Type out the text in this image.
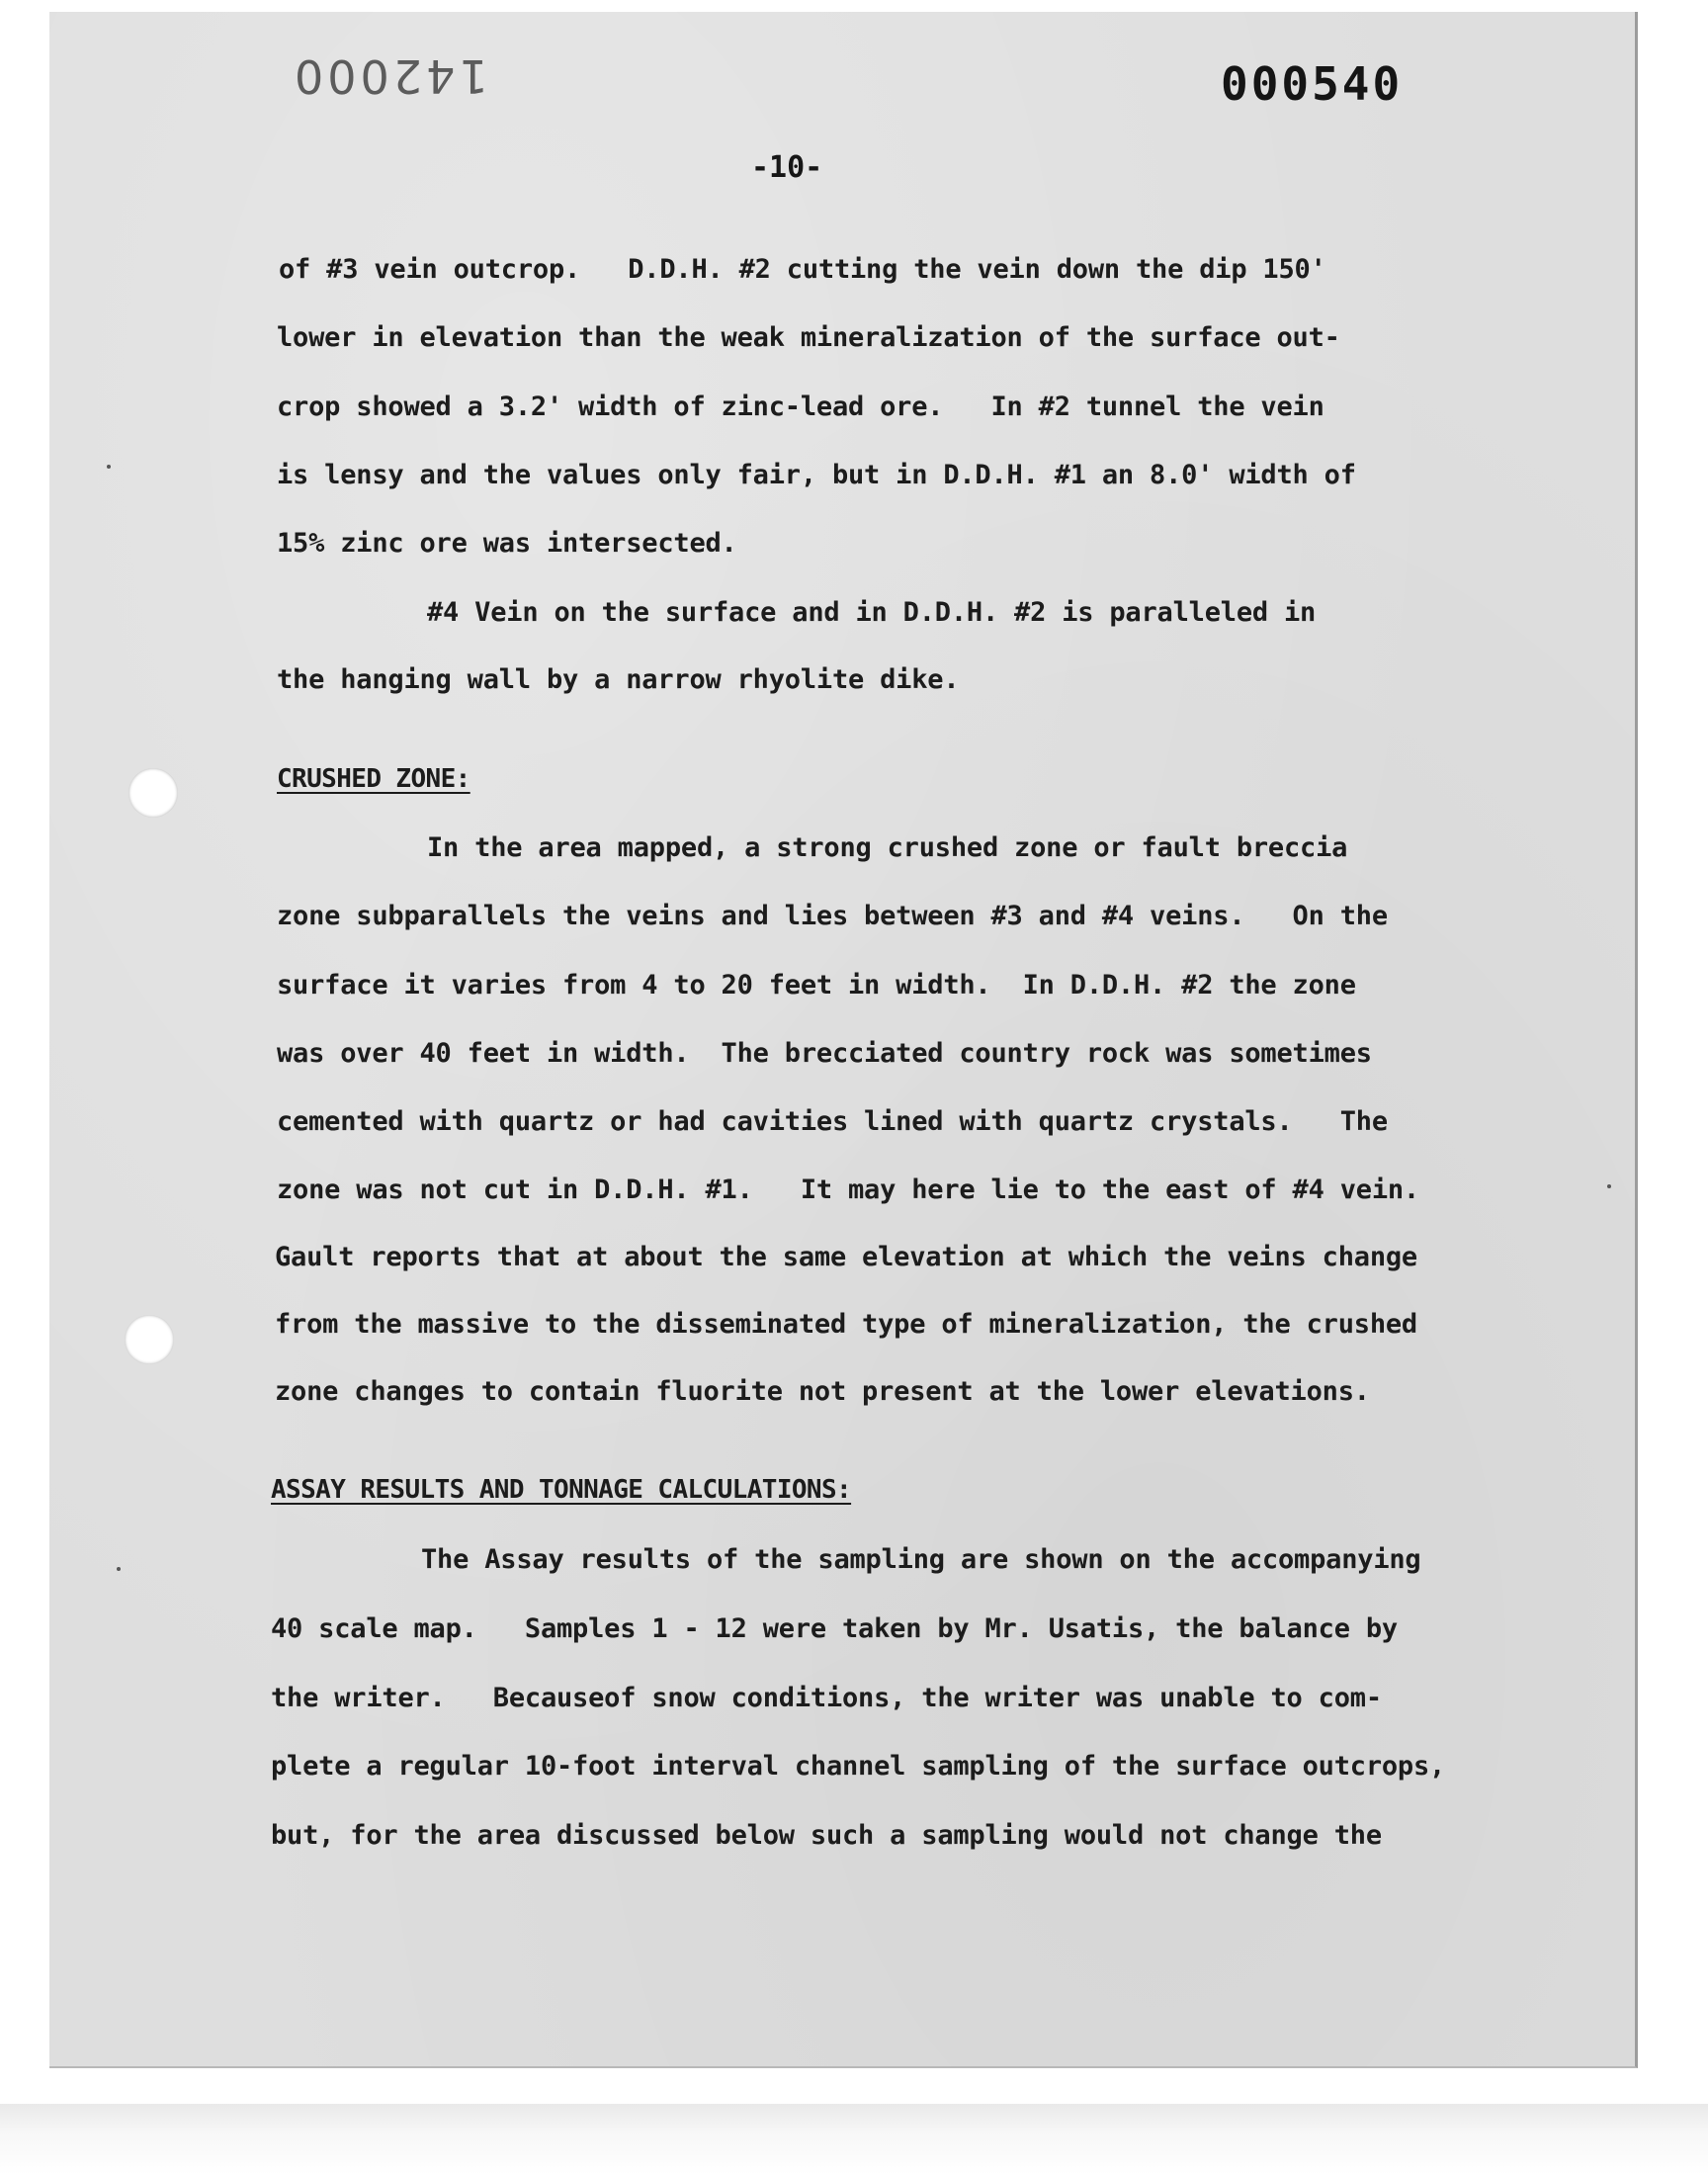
142000	000540
-10-
of #3 vein outcrop.   D.D.H. #2 cutting the vein down the dip 150'
lower in elevation than the weak mineralization of the surface out-
crop showed a 3.2' width of zinc-lead ore.   In #2 tunnel the vein
is lensy and the values only fair, but in D.D.H. #1 an 8.0' width of
15% zinc ore was intersected.
#4 Vein on the surface and in D.D.H. #2 is paralleled in
the hanging wall by a narrow rhyolite dike.
CRUSHED ZONE:
In the area mapped, a strong crushed zone or fault breccia
zone subparallels the veins and lies between #3 and #4 veins.   On the
surface it varies from 4 to 20 feet in width.  In D.D.H. #2 the zone
was over 40 feet in width.  The brecciated country rock was sometimes
cemented with quartz or had cavities lined with quartz crystals.   The
zone was not cut in D.D.H. #1.   It may here lie to the east of #4 vein.
Gault reports that at about the same elevation at which the veins change
from the massive to the disseminated type of mineralization, the crushed
zone changes to contain fluorite not present at the lower elevations.
ASSAY RESULTS AND TONNAGE CALCULATIONS:
The Assay results of the sampling are shown on the accompanying
40 scale map.   Samples 1 - 12 were taken by Mr. Usatis, the balance by
the writer.   Becauseof snow conditions, the writer was unable to com-
plete a regular 10-foot interval channel sampling of the surface outcrops,
but, for the area discussed below such a sampling would not change the
